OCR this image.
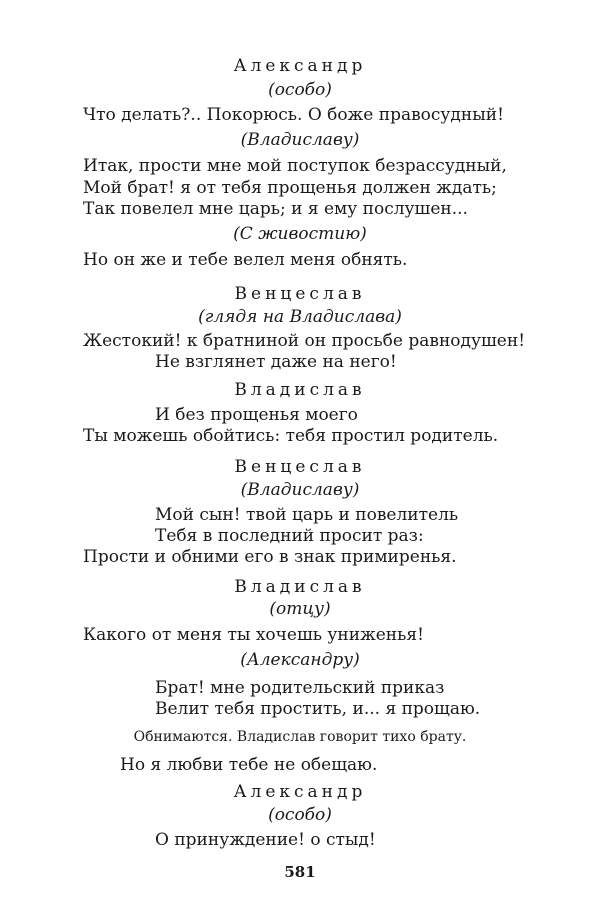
Александр
(особо)
Что делать?.. Покорюсь. О боже правосудный!
(Владиславу)
Итак, прости мне мой поступок безрассудный,
Мой брат! я от тебя прощенья должен ждать;
Так повелел мне царь; и я ему послушен...
(С живостию)
Но он же и тебе велел меня обнять.
Венцеслав
(глядя на Владислава)
Жестокий! к братниной он просьбе равнодушен!
Не взглянет даже на него!
Владислав
И без прощенья моего
Ты можешь обойтись: тебя простил родитель.
Венцеслав
(Владиславу)
Мой сын! твой царь и повелитель
Тебя в последний просит раз:
Прости и обними его в знак примиренья.
Владислав
(отцу)
Какого от меня ты хочешь униженья!
(Александру)
Брат! мне родительский приказ
Велит тебя простить, и... я прощаю.
Обнимаются. Владислав говорит тихо брату.
Но я любви тебе не обещаю.
Александр
(особо)
О принуждение! о стыд!
581
